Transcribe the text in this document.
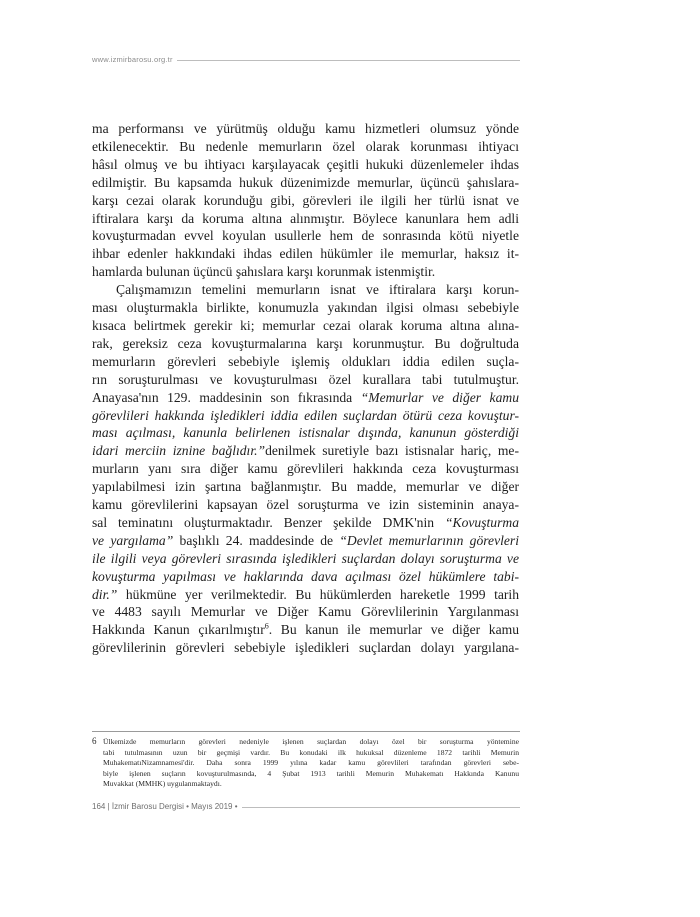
www.izmirbarosu.org.tr

ma performansı ve yürütmüş olduğu kamu hizmetleri olumsuz yönde
etkilenecektir. Bu nedenle memurların özel olarak korunması ihtiyacı
hâsıl olmuş ve bu ihtiyacı karşılayacak çeşitli hukuki düzenlemeler ihdas
edilmiştir. Bu kapsamda hukuk düzenimizde memurlar, üçüncü şahıslara-
karşı cezai olarak korunduğu gibi, görevleri ile ilgili her türlü isnat ve
iftiralara karşı da koruma altına alınmıştır. Böylece kanunlara hem adli
kovuşturmadan evvel koyulan usullerle hem de sonrasında kötü niyetle
ihbar edenler hakkındaki ihdas edilen hükümler ile memurlar, haksız it-
hamlarda bulunan üçüncü şahıslara karşı korunmak istenmiştir.

Çalışmamızın temelini memurların isnat ve iftiralara karşı korun-
ması oluşturmakla birlikte, konumuzla yakından ilgisi olması sebebiyle
kısaca belirtmek gerekir ki; memurlar cezai olarak koruma altına alına-
rak, gereksiz ceza kovuşturmalarına karşı korunmuştur. Bu doğrultuda
memurların görevleri sebebiyle işlemiş oldukları iddia edilen suçla-
rın soruşturulması ve kovuşturulması özel kurallara tabi tutulmuştur.
Anayasa'nın 129. maddesinin son fıkrasında “Memurlar ve diğer kamu
görevlileri hakkında işledikleri iddia edilen suçlardan ötürü ceza kovuştur-
ması açılması, kanunla belirlenen istisnalar dışında, kanunun gösterdiği
idari merciin iznine bağlıdır.”denilmek suretiyle bazı istisnalar hariç, me-
murların yanı sıra diğer kamu görevlileri hakkında ceza kovuşturması
yapılabilmesi izin şartına bağlanmıştır. Bu madde, memurlar ve diğer
kamu görevlilerini kapsayan özel soruşturma ve izin sisteminin anaya-
sal teminatını oluşturmaktadır. Benzer şekilde DMK'nin “Kovuşturma
ve yargılama” başlıklı 24. maddesinde de “Devlet memurlarının görevleri
ile ilgili veya görevleri sırasında işledikleri suçlardan dolayı soruşturma ve
kovuşturma yapılması ve haklarında dava açılması özel hükümlere tabi-
dir.” hükmüne yer verilmektedir. Bu hükümlerden hareketle 1999 tarih
ve 4483 sayılı Memurlar ve Diğer Kamu Görevlilerinin Yargılanması
Hakkında Kanun çıkarılmıştır$^6$. Bu kanun ile memurlar ve diğer kamu
görevlilerinin görevleri sebebiyle işledikleri suçlardan dolayı yargılana-

6 Ülkemizde memurların görevleri nedeniyle işlenen suçlardan dolayı özel bir soruşturma yöntemine
tabi tutulmasının uzun bir geçmişi vardır. Bu konudaki ilk hukuksal düzenleme 1872 tarihli Memurin
MuhakematıNizamnamesi'dir. Daha sonra 1999 yılına kadar kamu görevlileri tarafından görevleri sebe-
biyle işlenen suçların kovuşturulmasında, 4 Şubat 1913 tarihli Memurin Muhakematı Hakkında Kanunu
Muvakkat (MMHK) uygulanmaktaydı.
164 | İzmir Barosu Dergisi • Mayıs 2019 •
